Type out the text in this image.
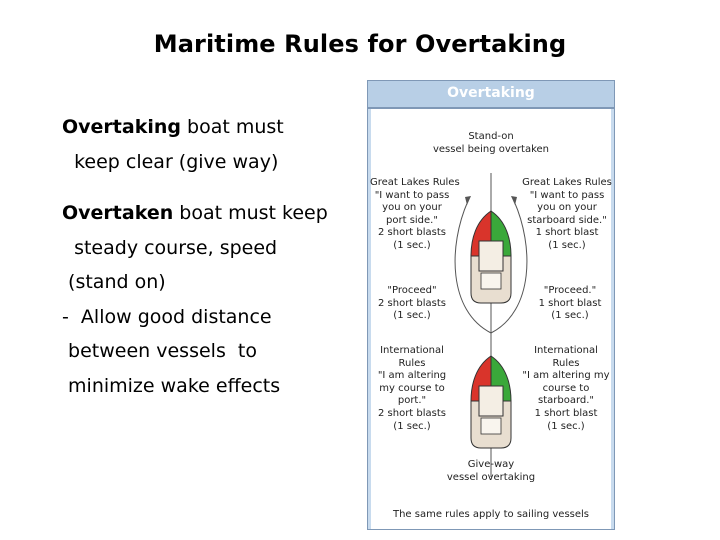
Maritime Rules for Overtaking
Overtaking boat must
keep clear (give way)
Overtaken boat must keep
steady course, speed
(stand on)
-  Allow good distance
between vessels  to
minimize wake effects
Overtaking
Stand-on
vessel being overtaken
Great Lakes Rules
"I want to pass
you on your
port side."
2 short blasts
(1 sec.)
Great Lakes Rules
"I want to pass
you on your
starboard side."
1 short blast
(1 sec.)
"Proceed"
2 short blasts
(1 sec.)
"Proceed."
1 short blast
(1 sec.)
International
Rules
"I am altering
my course to
port."
2 short blasts
(1 sec.)
International
Rules
"I am altering my
course to
starboard."
1 short blast
(1 sec.)
Give-way
vessel overtaking
The same rules apply to sailing vessels
